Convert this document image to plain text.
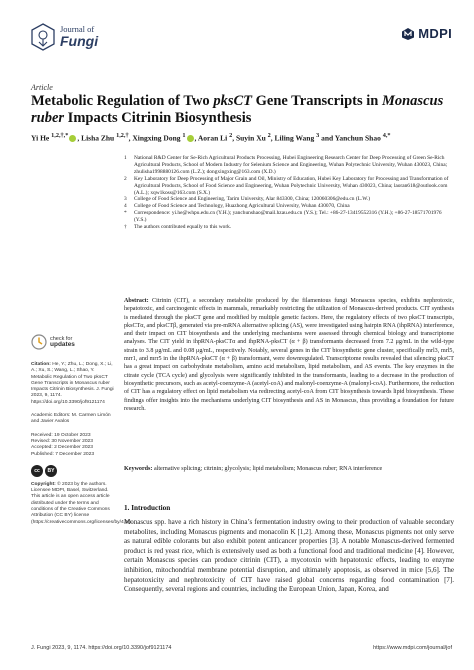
Journal of
Fungi	MDPI
Article
Metabolic Regulation of Two pksCT Gene Transcripts in Monascus ruber Impacts Citrinin Biosynthesis
Yi He $^{1,2,\dagger,*}$ , Lisha Zhu $^{1,2,\dagger}$, Xingxing Dong $^1$ , Aoran Li $^2$, Suyin Xu $^2$, Liling Wang $^3$ and Yanchun Shao $^{4,*}$
1	National R&D Center for Se-Rich Agricultural Products Processing, Hubei Engineering Research Center for Deep Processing of Green Se-Rich Agricultural Products, School of Modern Industry for Selenium Science and Engineering, Wuhan Polytechnic University, Wuhan 430023, China; zhulisha1998880126.com (L.Z.); dongxingxing@163.com (X.D.)
2	Key Laboratory for Deep Processing of Major Grain and Oil, Ministry of Education, Hubei Key Laboratory for Processing and Transformation of Agricultural Products, School of Food Science and Engineering, Wuhan Polytechnic University, Wuhan 430023, China; laoran618@outlook.com (A.L.); xqw1koss@163.com (S.X.)
3	College of Food Science and Engineering, Tarim University, Alar 843300, China; 120060306@edu.cn (L.W.)
4	College of Food Science and Technology, Huazhong Agricultural University, Wuhan 430070, China
*	Correspondence: yi.he@whpu.edu.cn (Y.H.); yanchunshao@mail.hzau.edu.cn (Y.S.); Tel.: +86-27-13419552316 (Y.H.); +86-27-18571701976 (Y.S.)
†	The authors contributed equally to this work.
check for
updates
Citation: He, Y.; Zhu, L.; Dong, X.; Li, A.; Xu, S.; Wang, L.; Shao, Y. Metabolic Regulation of Two pksCT Gene Transcripts in Monascus ruber Impacts Citrinin Biosynthesis. J. Fungi 2023, 9, 1174. https://doi.org/10.3390/jof9121174
Academic Editors: M. Carmen Limón and Javier Avalos
Received: 19 October 2023
Revised: 30 November 2023
Accepted: 2 December 2023
Published: 7 December 2023
cc	BY
Copyright: © 2023 by the authors. Licensee MDPI, Basel, Switzerland. This article is an open access article distributed under the terms and conditions of the Creative Commons Attribution (CC BY) license (https://creativecommons.org/licenses/by/4.0/).
Abstract: Citrinin (CIT), a secondary metabolite produced by the filamentous fungi Monascus species, exhibits nephrotoxic, hepatotoxic, and carcinogenic effects in mammals, remarkably restricting the utilization of Monascus-derived products. CIT synthesis is mediated through the pksCT gene and modified by multiple genetic factors. Here, the regulatory effects of two pksCT transcripts, pksCTα, and pksCTβ, generated via pre-mRNA alternative splicing (AS), were investigated using hairpin RNA (ihpRNA) interference, and their impact on CIT biosynthesis and the underlying mechanisms were assessed through chemical biology and transcriptome analyses. The CIT yield in ihpRNA-pksCTα and ihpRNA-pksCT (α + β) transformants decreased from 7.2 μg/mL in the wild-type strain to 3.8 μg/mL and 0.08 μg/mL, respectively. Notably, several genes in the CIT biosynthetic gene cluster, specifically mrl3, mrl5, mrr1, and mrr5 in the ihpRNA-pksCT (α + β) transformant, were downregulated. Transcriptome results revealed that silencing pksCT has a great impact on carbohydrate metabolism, amino acid metabolism, lipid metabolism, and AS events. The key enzymes in the citrate cycle (TCA cycle) and glycolysis were significantly inhibited in the transformants, leading to a decrease in the production of biosynthetic precursors, such as acetyl-coenzyme-A (acetyl-coA) and malonyl-coenzyme-A (malonyl-coA). Furthermore, the reduction of CIT has a regulatory effect on lipid metabolism via redirecting acetyl-coA from CIT biosynthesis towards lipid biosynthesis. These findings offer insights into the mechanisms underlying CIT biosynthesis and AS in Monascus, thus providing a foundation for future research.
Keywords: alternative splicing; citrinin; glycolysis; lipid metabolism; Monascus ruber; RNA interference
1. Introduction
Monascus spp. have a rich history in China’s fermentation industry owing to their production of valuable secondary metabolites, including Monascus pigments and monacolin K [1,2]. Among these, Monascus pigments not only serve as natural edible colorants but also exhibit potent anticancer properties [3]. A notable Monascus-derived fermented product is red yeast rice, which is extensively used as both a functional food and traditional medicine [4]. However, certain Monascus species can produce citrinin (CIT), a mycotoxin with hepatotoxic effects, leading to enzyme inhibition, mitochondrial membrane potential disruption, and ultimately apoptosis, as observed in mice [5,6]. The hepatotoxicity and nephrotoxicity of CIT have raised global concerns regarding food contamination [7]. Consequently, several regions and countries, including the European Union, Japan, Korea, and
J. Fungi 2023, 9, 1174. https://doi.org/10.3390/jof9121174	https://www.mdpi.com/journal/jof
